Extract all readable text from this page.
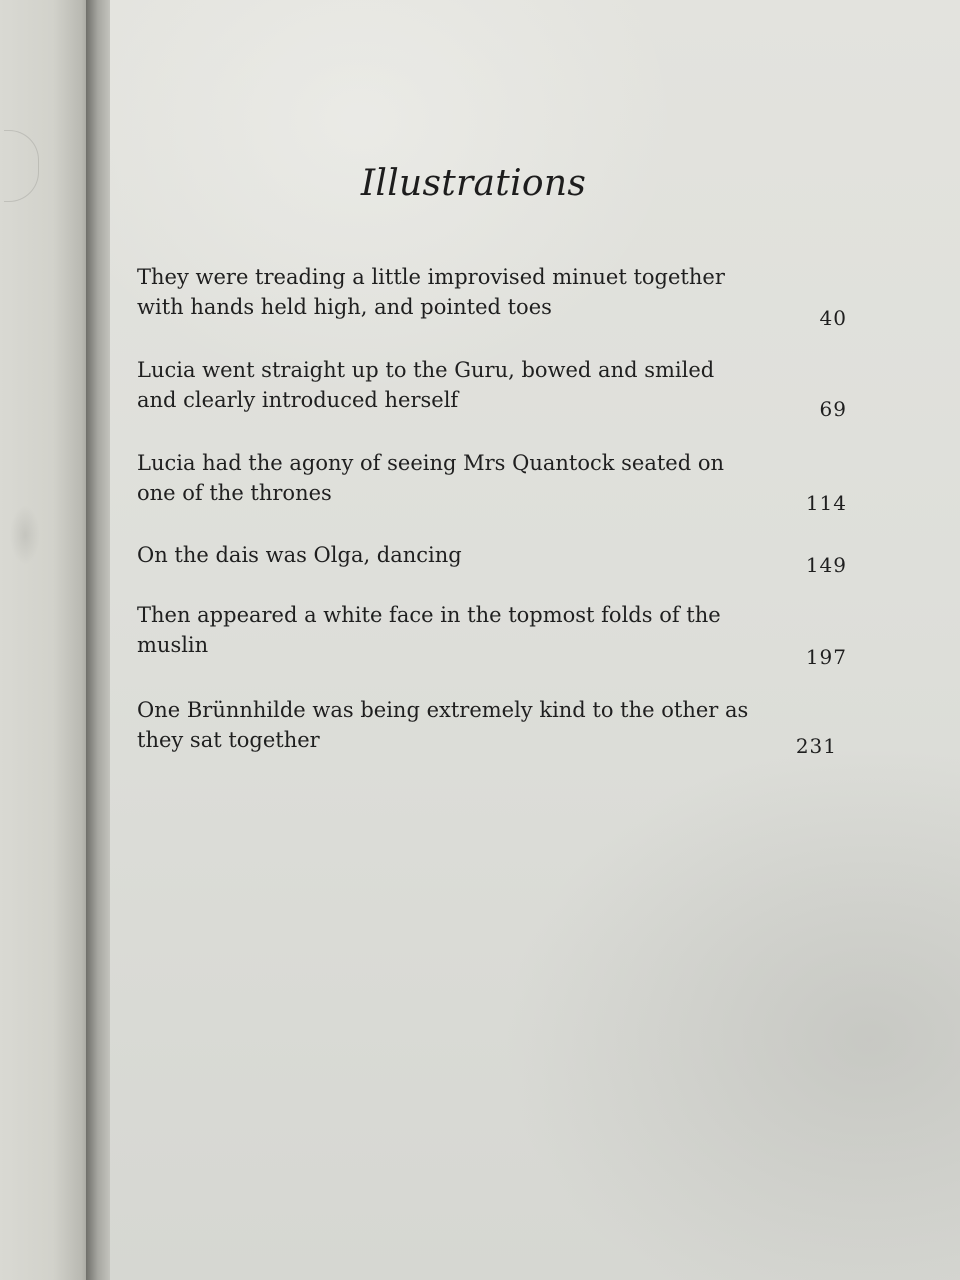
Illustrations
They were treading a little improvised minuet together with hands held high, and pointed toes	40
Lucia went straight up to the Guru, bowed and smiled and clearly introduced herself	69
Lucia had the agony of seeing Mrs Quantock seated on one of the thrones	114
On the dais was Olga, dancing	149
Then appeared a white face in the topmost folds of the muslin	197
One Brünnhilde was being extremely kind to the other as they sat together	231
